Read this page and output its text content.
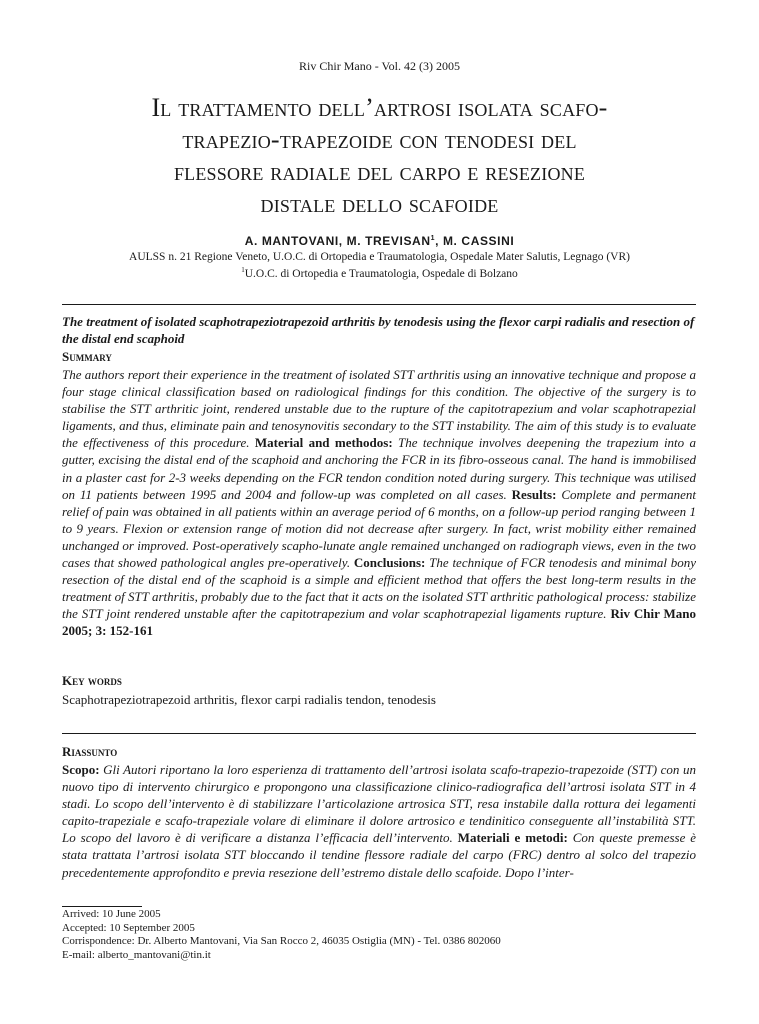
Riv Chir Mano - Vol. 42 (3) 2005
Il trattamento dell’artrosi isolata scafo-
trapezio-trapezoide con tenodesi del
flessore radiale del carpo e resezione
distale dello scafoide
A. MANTOVANI, M. TREVISAN$^1$, M. CASSINI
AULSS n. 21 Regione Veneto, U.O.C. di Ortopedia e Traumatologia, Ospedale Mater Salutis, Legnago (VR)
$^1$U.O.C. di Ortopedia e Traumatologia, Ospedale di Bolzano
The treatment of isolated scaphotrapeziotrapezoid arthritis by tenodesis using the flexor carpi radialis and resection of the distal end scaphoid
Summary
The authors report their experience in the treatment of isolated STT arthritis using an innovative technique and propose a four stage clinical classification based on radiological findings for this condition. The objective of the surgery is to stabilise the STT arthritic joint, rendered unstable due to the rupture of the capitotrapezium and volar scaphotrapezial ligaments, and thus, eliminate pain and tenosynovitis secondary to the STT instability. The aim of this study is to evaluate the effectiveness of this procedure. Material and methodos: The technique involves deepening the trapezium into a gutter, excising the distal end of the scaphoid and anchoring the FCR in its fibro-osseous canal. The hand is immobilised in a plaster cast for 2-3 weeks depending on the FCR tendon condition noted during surgery. This technique was utilised on 11 patients between 1995 and 2004 and follow-up was completed on all cases. Results: Complete and permanent relief of pain was obtained in all patients within an average period of 6 months, on a follow-up period ranging between 1 to 9 years. Flexion or extension range of motion did not decrease after surgery. In fact, wrist mobility either remained unchanged or improved. Post-operatively scapho-lunate angle remained unchanged on radiograph views, even in the two cases that showed pathological angles pre-operatively. Conclusions: The technique of FCR tenodesis and minimal bony resection of the distal end of the scaphoid is a simple and efficient method that offers the best long-term results in the treatment of STT arthritis, probably due to the fact that it acts on the isolated STT arthritic pathological process: stabilize the STT joint rendered unstable after the capitotrapezium and volar scaphotrapezial ligaments rupture. Riv Chir Mano 2005; 3: 152-161
Key words
Scaphotrapeziotrapezoid arthritis, flexor carpi radialis tendon, tenodesis
Riassunto
Scopo: Gli Autori riportano la loro esperienza di trattamento dell’artrosi isolata scafo-trapezio-trapezoide (STT) con un nuovo tipo di intervento chirurgico e propongono una classificazione clinico-radiografica dell’artrosi isolata STT in 4 stadi. Lo scopo dell’intervento è di stabilizzare l’articolazione artrosica STT, resa instabile dalla rottura dei legamenti capito-trapeziale e scafo-trapeziale volare di eliminare il dolore artrosico e tendinitico conseguente all’instabilità STT. Lo scopo del lavoro è di verificare a distanza l’efficacia dell’intervento. Materiali e metodi: Con queste premesse è stata trattata l’artrosi isolata STT bloccando il tendine flessore radiale del carpo (FRC) dentro al solco del trapezio precedentemente approfondito e previa resezione dell’estremo distale dello scafoide. Dopo l’inter-
Arrived: 10 June 2005
Accepted: 10 September 2005
Corrispondence: Dr. Alberto Mantovani, Via San Rocco 2, 46035 Ostiglia (MN) - Tel. 0386 802060
E-mail: alberto_mantovani@tin.it
